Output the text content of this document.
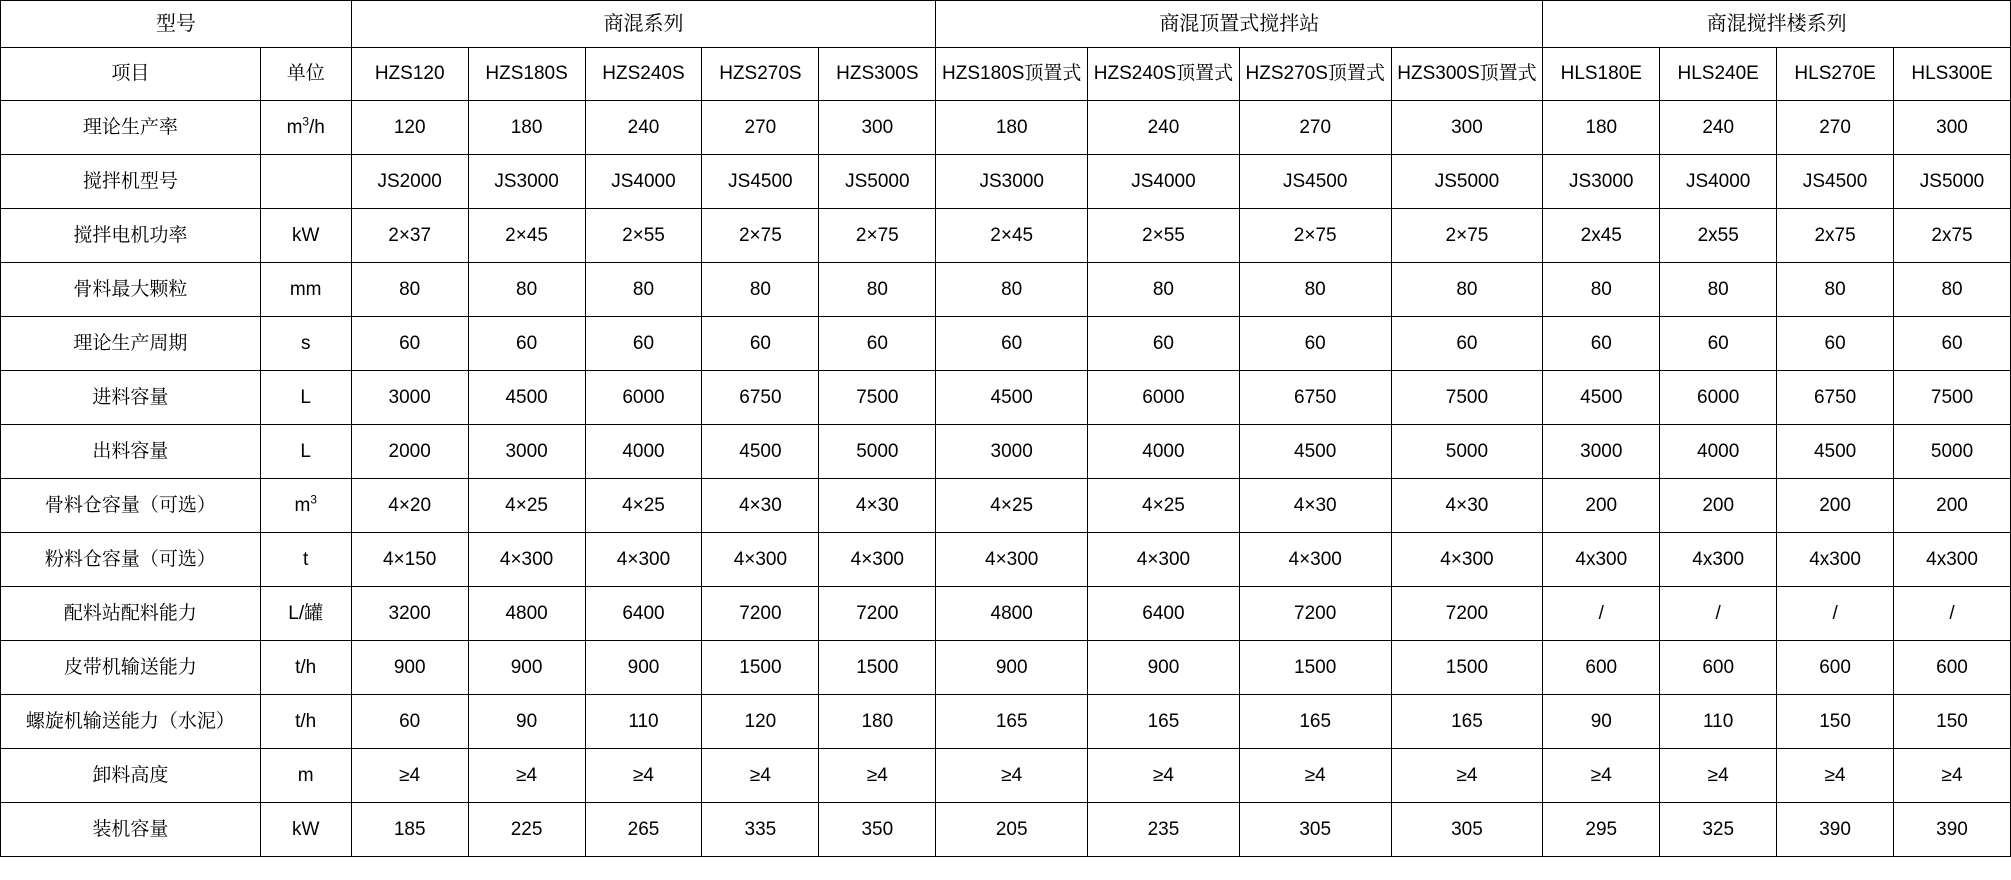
型号		商混系列					商混顶置式搅拌站				商混搅拌楼系列			
项目	单位	HZS120	HZS180S	HZS240S	HZS270S	HZS300S	HZS180S顶置式	HZS240S顶置式	HZS270S顶置式	HZS300S顶置式	HLS180E	HLS240E	HLS270E	HLS300E
理论生产率	$m^3/h$	120	180	240	270	300	180	240	270	300	180	240	270	300
搅拌机型号		JS2000	JS3000	JS4000	JS4500	JS5000	JS3000	JS4000	JS4500	JS5000	JS3000	JS4000	JS4500	JS5000
搅拌电机功率	kW	2×37	2×45	2×55	2×75	2×75	2×45	2×55	2×75	2×75	2x45	2x55	2x75	2x75
骨料最大颗粒	mm	80	80	80	80	80	80	80	80	80	80	80	80	80
理论生产周期	s	60	60	60	60	60	60	60	60	60	60	60	60	60
进料容量	L	3000	4500	6000	6750	7500	4500	6000	6750	7500	4500	6000	6750	7500
出料容量	L	2000	3000	4000	4500	5000	3000	4000	4500	5000	3000	4000	4500	5000
骨料仓容量（可选）	$m^3$	4×20	4×25	4×25	4×30	4×30	4×25	4×25	4×30	4×30	200	200	200	200
粉料仓容量（可选）	t	4×150	4×300	4×300	4×300	4×300	4×300	4×300	4×300	4×300	4x300	4x300	4x300	4x300
配料站配料能力	L/罐	3200	4800	6400	7200	7200	4800	6400	7200	7200	/	/	/	/
皮带机输送能力	t/h	900	900	900	1500	1500	900	900	1500	1500	600	600	600	600
螺旋机输送能力（水泥）	t/h	60	90	110	120	180	165	165	165	165	90	110	150	150
卸料高度	m	≥4	≥4	≥4	≥4	≥4	≥4	≥4	≥4	≥4	≥4	≥4	≥4	≥4
装机容量	kW	185	225	265	335	350	205	235	305	305	295	325	390	390
